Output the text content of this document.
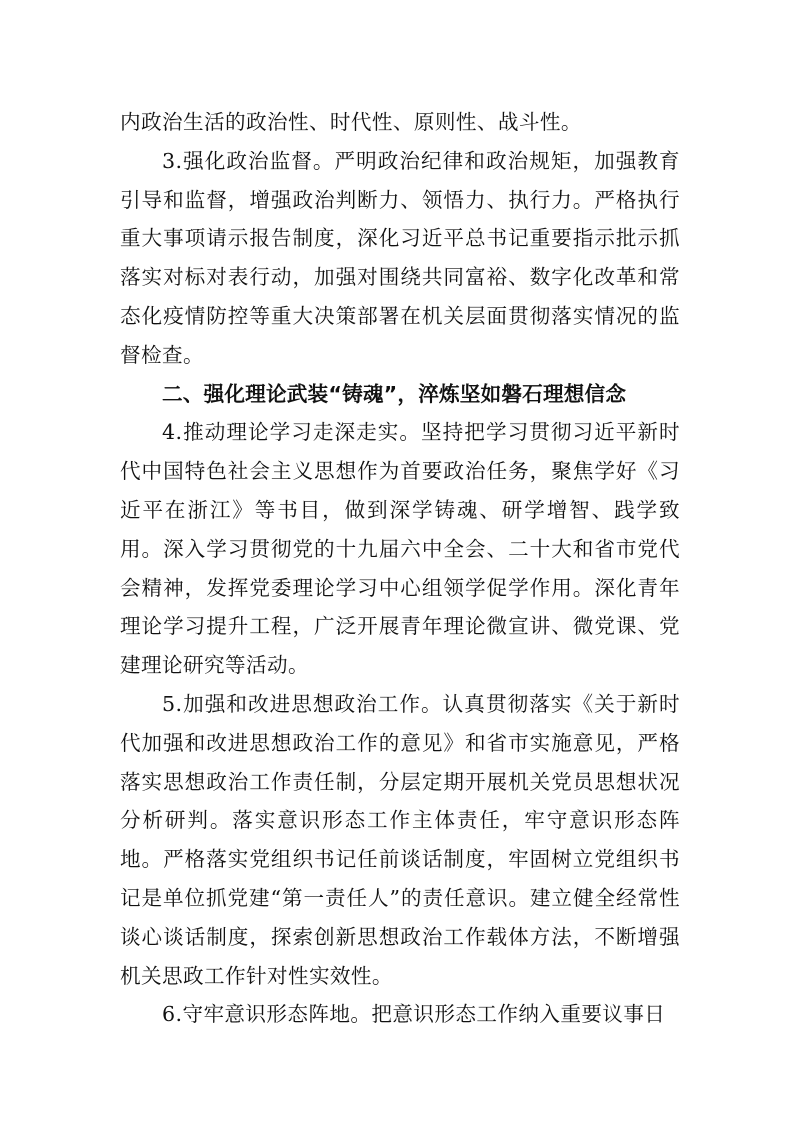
内政治生活的政治性、时代性、原则性、战斗性。

3.强化政治监督。严明政治纪律和政治规矩，加强教育引导和监督，增强政治判断力、领悟力、执行力。严格执行重大事项请示报告制度，深化习近平总书记重要指示批示抓落实对标对表行动，加强对围绕共同富裕、数字化改革和常态化疫情防控等重大决策部署在机关层面贯彻落实情况的监督检查。

二、强化理论武装“铸魂”，淬炼坚如磐石理想信念

4.推动理论学习走深走实。坚持把学习贯彻习近平新时代中国特色社会主义思想作为首要政治任务，聚焦学好《习近平在浙江》等书目，做到深学铸魂、研学增智、践学致用。深入学习贯彻党的十九届六中全会、二十大和省市党代会精神，发挥党委理论学习中心组领学促学作用。深化青年理论学习提升工程，广泛开展青年理论微宣讲、微党课、党建理论研究等活动。

5.加强和改进思想政治工作。认真贯彻落实《关于新时代加强和改进思想政治工作的意见》和省市实施意见，严格落实思想政治工作责任制，分层定期开展机关党员思想状况分析研判。落实意识形态工作主体责任，牢守意识形态阵地。严格落实党组织书记任前谈话制度，牢固树立党组织书记是单位抓党建“第一责任人”的责任意识。建立健全经常性谈心谈话制度，探索创新思想政治工作载体方法，不断增强机关思政工作针对性实效性。

6.守牢意识形态阵地。把意识形态工作纳入重要议事日
